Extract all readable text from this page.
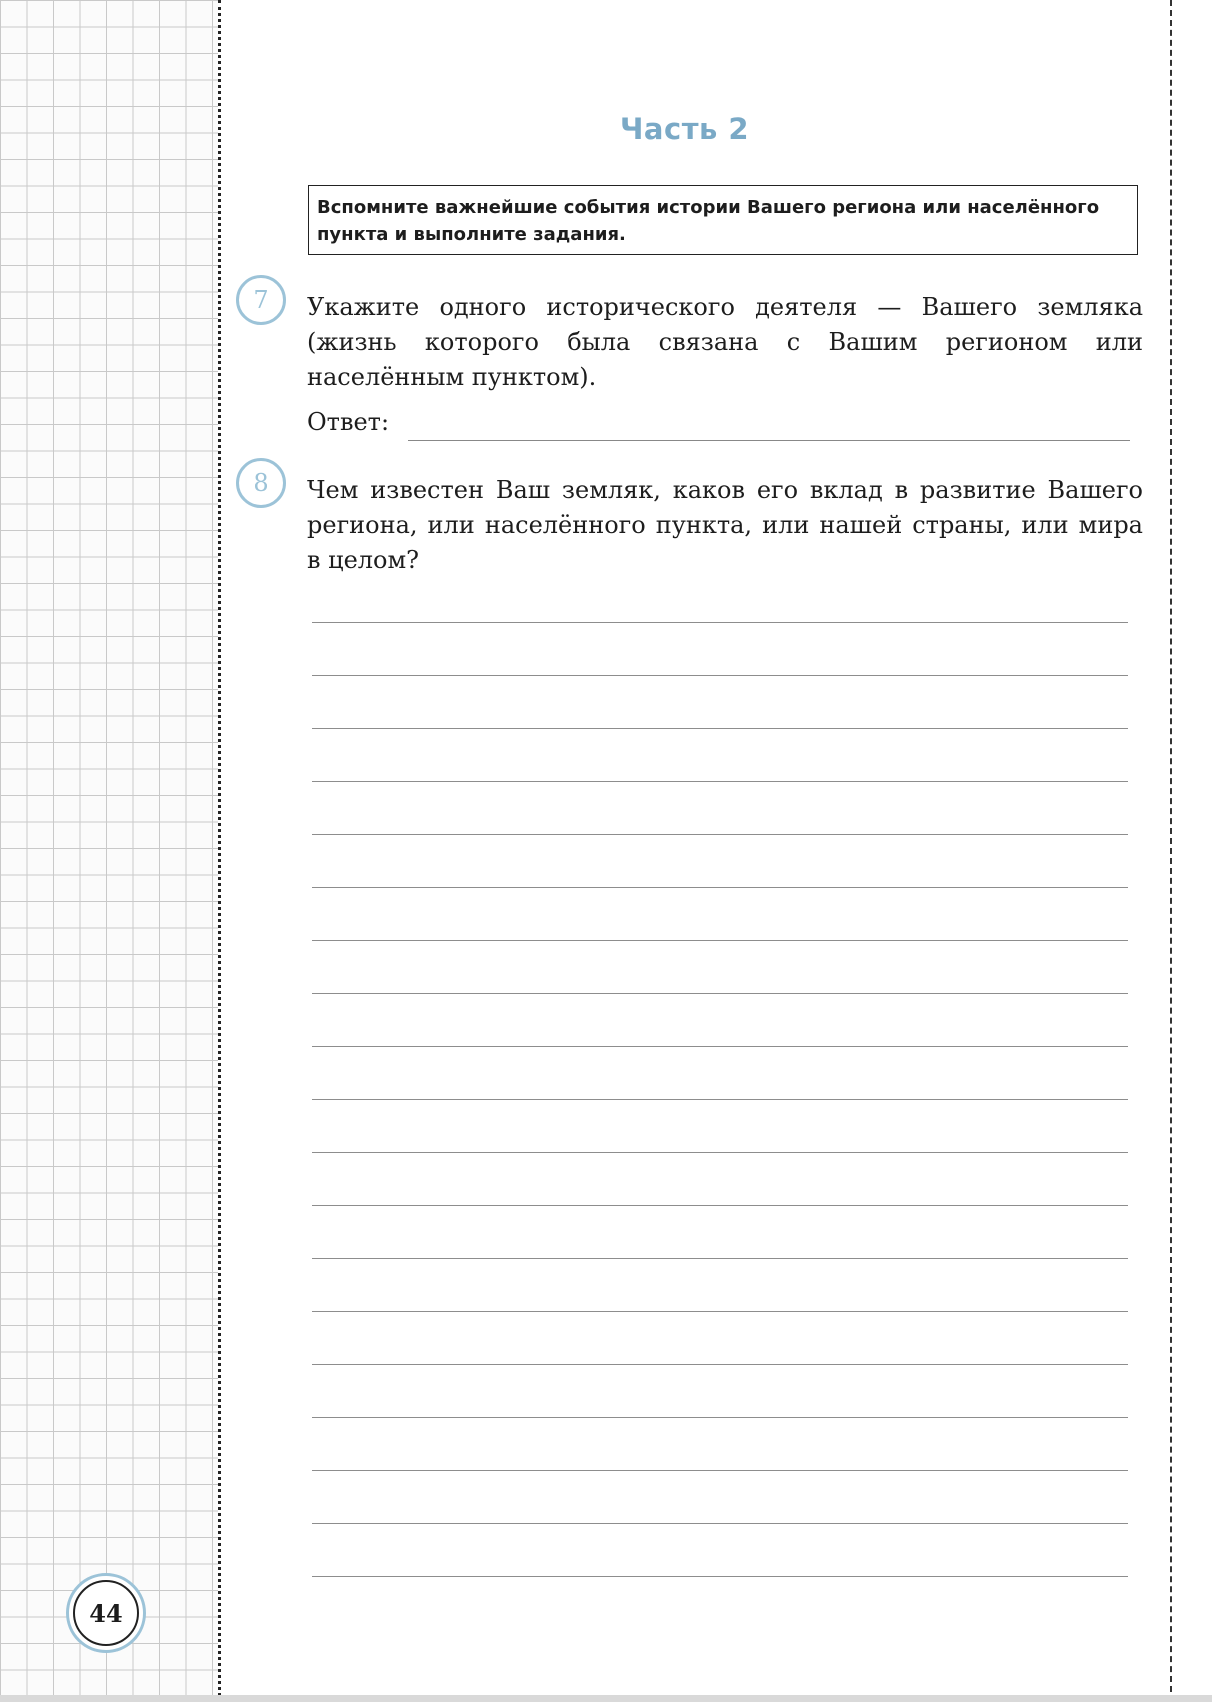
Часть 2
Вспомните важнейшие события истории Вашего региона или населённого пункта и выполните задания.
7 Укажите одного исторического деятеля — Вашего земляка (жизнь которого была связана с Вашим регионом или населённым пунктом).
Ответ:
8 Чем известен Ваш земляк, каков его вклад в развитие Вашего региона, или населённого пункта, или нашей страны, или мира в целом?
44
